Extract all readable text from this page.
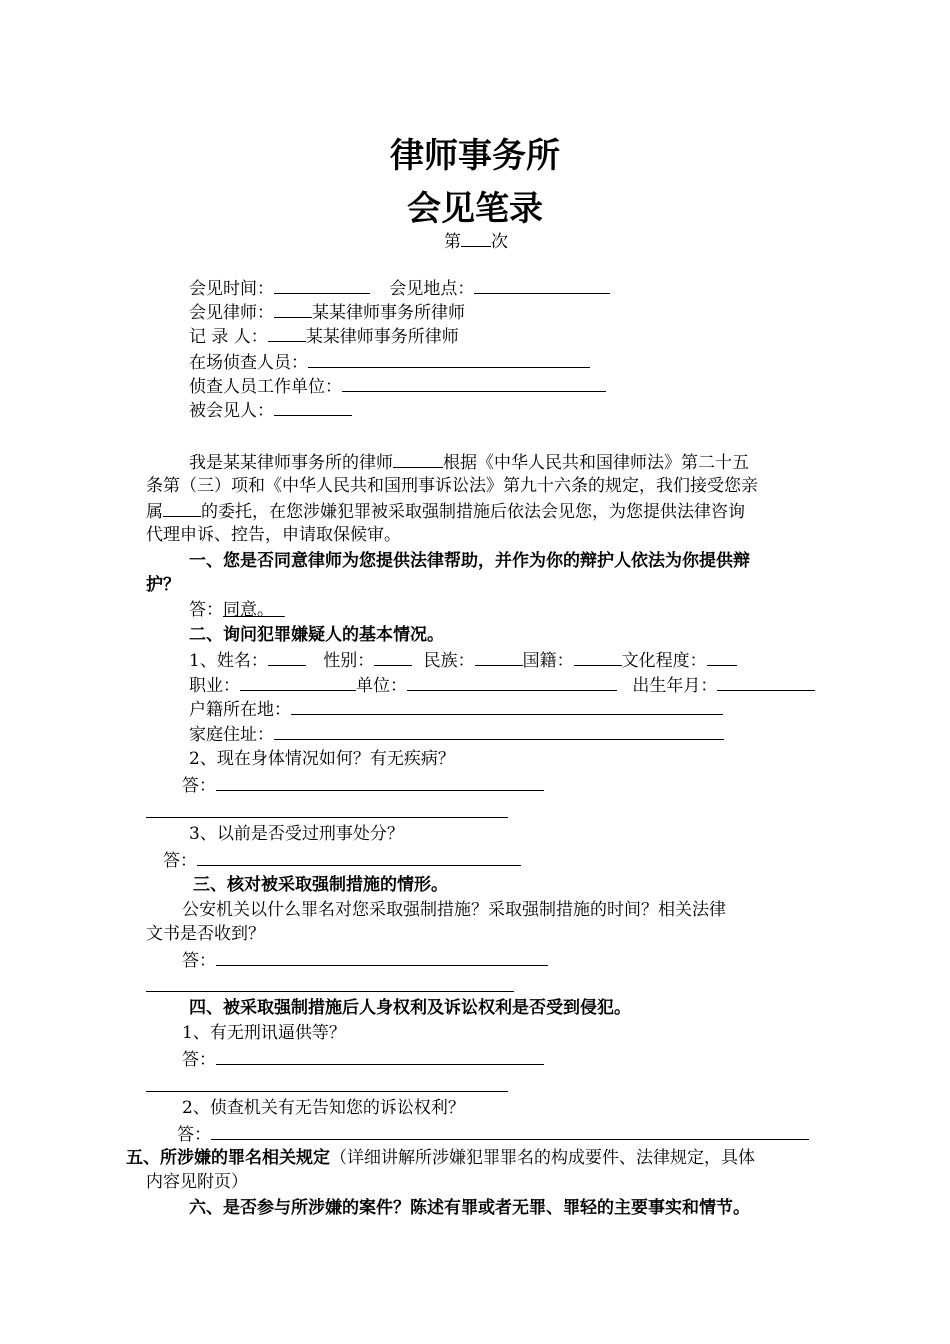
律师事务所
会见笔录
第 次
会见时间：	会见地点：
会见律师： 某某律师事务所律师
记 录 人： 某某律师事务所律师
在场侦查人员：
侦查人员工作单位：
被会见人：
我是某某律师事务所的律师	根据《中华人民共和国律师法》第二十五
条第（三）项和《中华人民共和国刑事诉讼法》第九十六条的规定，我们接受您亲
属 的委托，在您涉嫌犯罪被采取强制措施后依法会见您，为您提供法律咨询
代理申诉、控告，申请取保候审。
一、您是否同意律师为您提供法律帮助，并作为你的辩护人依法为你提供辩
护？
答：同意。
二、询问犯罪嫌疑人的基本情况。
1、姓名：	性别：	民族：	国籍：	文化程度：
职业：	单位：	出生年月：
户籍所在地：
家庭住址：
2、现在身体情况如何？有无疾病？
答：
3、以前是否受过刑事处分？
答：
三、核对被采取强制措施的情形。
公安机关以什么罪名对您采取强制措施？采取强制措施的时间？相关法律
文书是否收到？
答：
四、被采取强制措施后人身权利及诉讼权利是否受到侵犯。
1、有无刑讯逼供等？
答：
2、侦查机关有无告知您的诉讼权利？
答：
五、所涉嫌的罪名相关规定（详细讲解所涉嫌犯罪罪名的构成要件、法律规定，具体
内容见附页）
六、是否参与所涉嫌的案件？陈述有罪或者无罪、罪轻的主要事实和情节。
